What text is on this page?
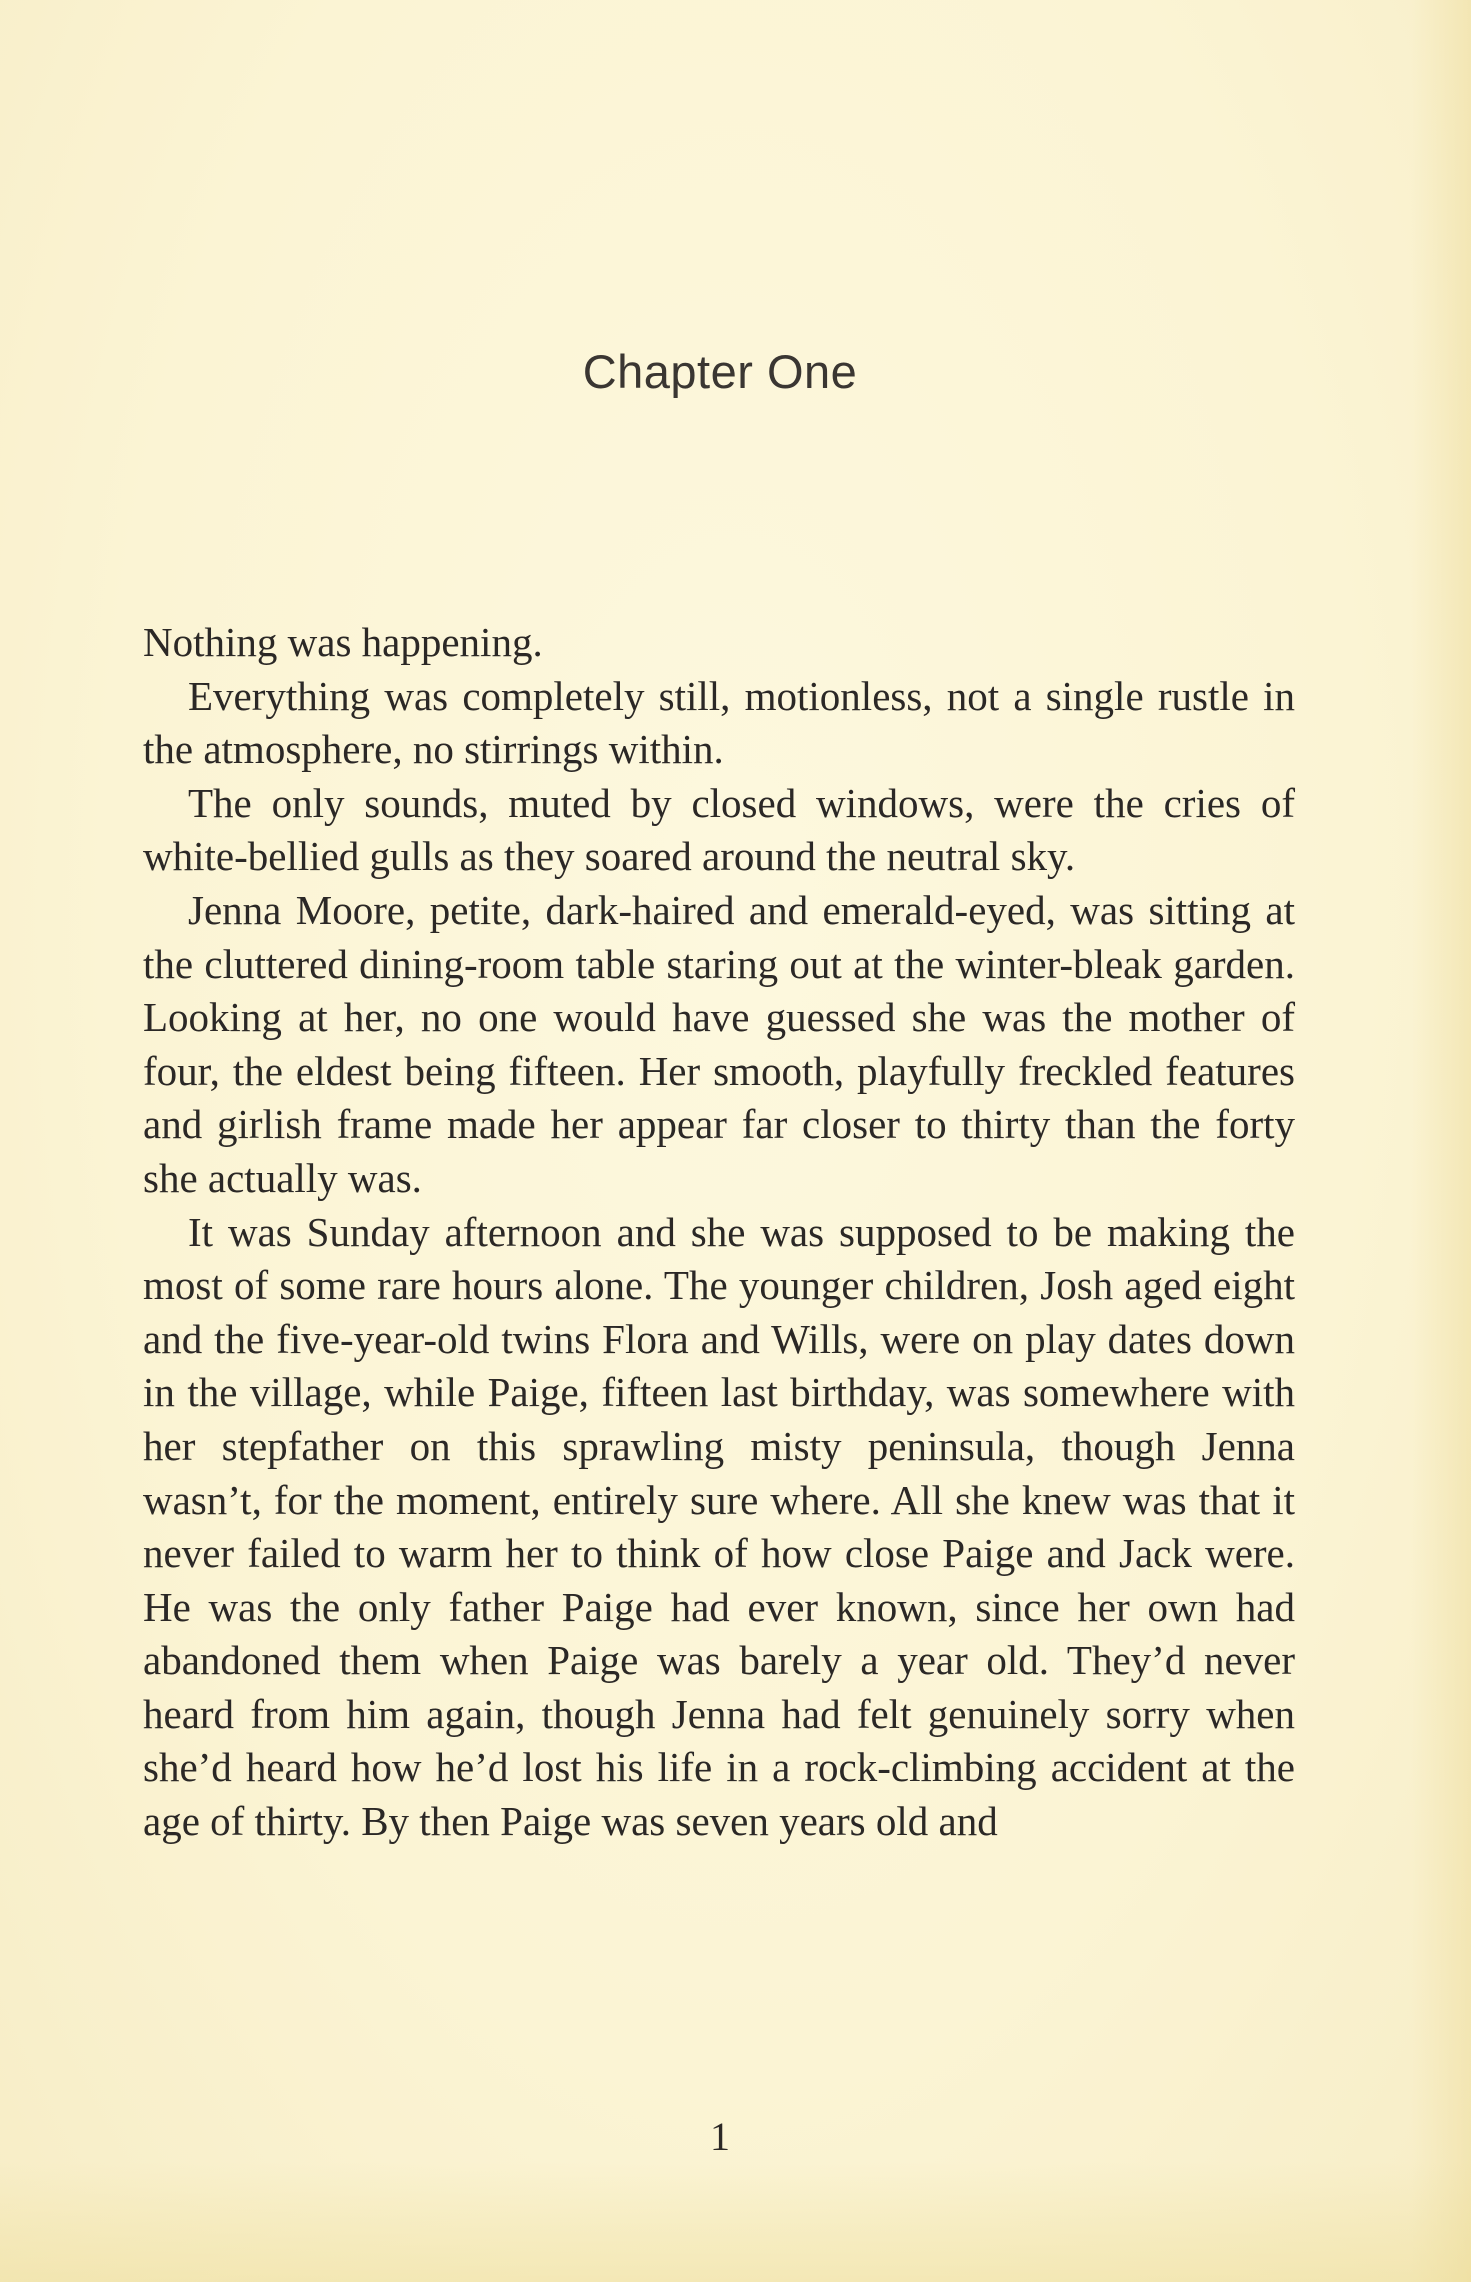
Chapter One

Nothing was happening.

Everything was completely still, motionless, not a single rustle in the atmosphere, no stirrings within.

The only sounds, muted by closed windows, were the cries of white-bellied gulls as they soared around the neutral sky.

Jenna Moore, petite, dark-haired and emerald-eyed, was sitting at the cluttered dining-room table staring out at the winter-bleak garden. Looking at her, no one would have guessed she was the mother of four, the eldest being fifteen. Her smooth, playfully freckled features and girlish frame made her appear far closer to thirty than the forty she actually was.

It was Sunday afternoon and she was supposed to be making the most of some rare hours alone. The younger children, Josh aged eight and the five-year-old twins Flora and Wills, were on play dates down in the village, while Paige, fifteen last birthday, was somewhere with her stepfather on this sprawling misty peninsula, though Jenna wasn’t, for the moment, entirely sure where. All she knew was that it never failed to warm her to think of how close Paige and Jack were. He was the only father Paige had ever known, since her own had abandoned them when Paige was barely a year old. They’d never heard from him again, though Jenna had felt genuinely sorry when she’d heard how he’d lost his life in a rock-climbing accident at the age of thirty. By then Paige was seven years old and

1
